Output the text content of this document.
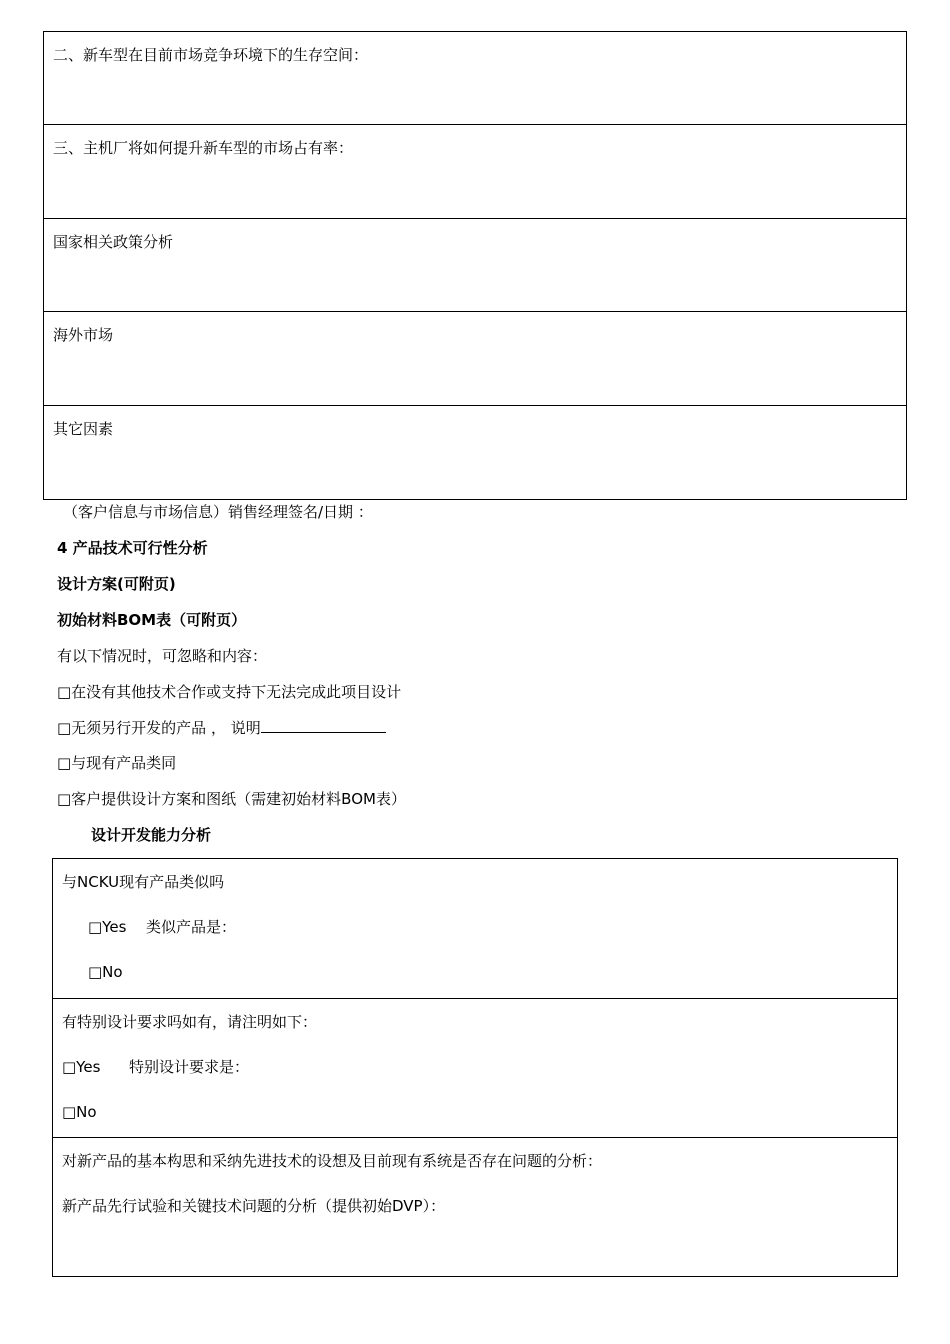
二、新车型在目前市场竞争环境下的生存空间：
三、主机厂将如何提升新车型的市场占有率：
国家相关政策分析
海外市场
其它因素
（客户信息与市场信息）销售经理签名/日期 ：
4 产品技术可行性分析
设计方案(可附页)
初始材料BOM表（可附页）
有以下情况时，可忽略和内容：
□在没有其他技术合作或支持下无法完成此项目设计
□无须另行开发的产品 ， 说明
□与现有产品类同
□客户提供设计方案和图纸（需建初始材料BOM表）
设计开发能力分析
与NCKU现有产品类似吗
□Yes 类似产品是：
□No
有特别设计要求吗如有，请注明如下：
□Yes 特别设计要求是：
□No
对新产品的基本构思和采纳先进技术的设想及目前现有系统是否存在问题的分析：
新产品先行试验和关键技术问题的分析（提供初始DVP）：
